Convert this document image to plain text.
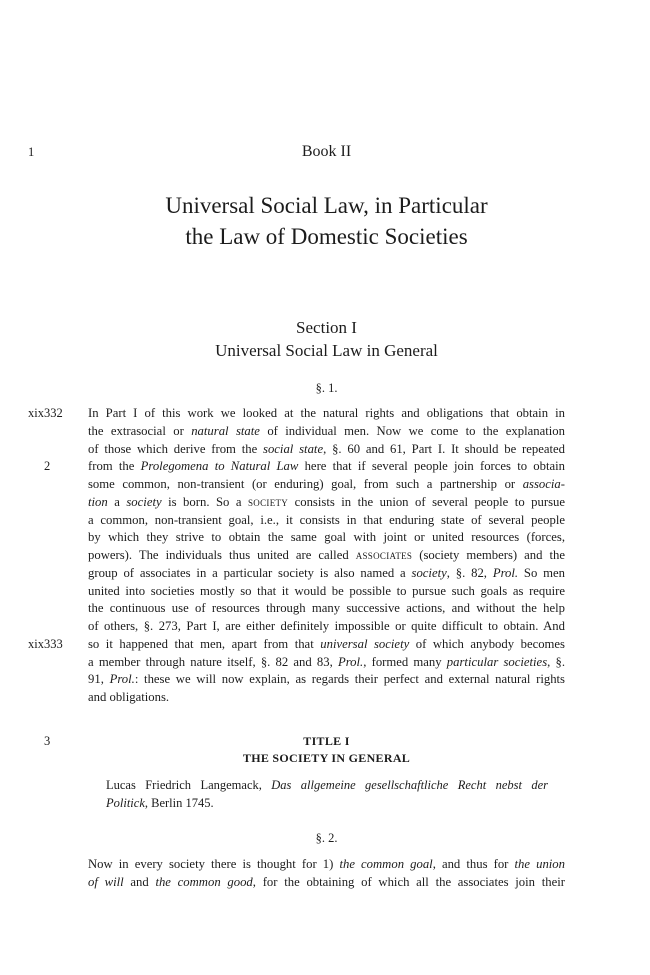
1
xix332
2
xix333
3
Book II
Universal Social Law, in Particular
the Law of Domestic Societies
Section I
Universal Social Law in General
§. 1.
In Part I of this work we looked at the natural rights and obligations that obtain in
the extrasocial or natural state of individual men. Now we come to the explanation
of those which derive from the social state, §. 60 and 61, Part I. It should be repeated
from the Prolegomena to Natural Law here that if several people join forces to obtain
some common, non-transient (or enduring) goal, from such a partnership or associa-
tion a society is born. So a society consists in the union of several people to pursue
a common, non-transient goal, i.e., it consists in that enduring state of several people
by which they strive to obtain the same goal with joint or united resources (forces,
powers). The individuals thus united are called associates (society members) and the
group of associates in a particular society is also named a society, §. 82, Prol. So men
united into societies mostly so that it would be possible to pursue such goals as require
the continuous use of resources through many successive actions, and without the help
of others, §. 273, Part I, are either definitely impossible or quite difficult to obtain. And
so it happened that men, apart from that universal society of which anybody becomes
a member through nature itself, §. 82 and 83, Prol., formed many particular societies, §.
91, Prol.: these we will now explain, as regards their perfect and external natural rights
and obligations.
TITLE I
THE SOCIETY IN GENERAL
Lucas Friedrich Langemack, Das allgemeine gesellschaftliche Recht nebst der
Politick, Berlin 1745.
§. 2.
Now in every society there is thought for 1) the common goal, and thus for the union
of will and the common good, for the obtaining of which all the associates join their
